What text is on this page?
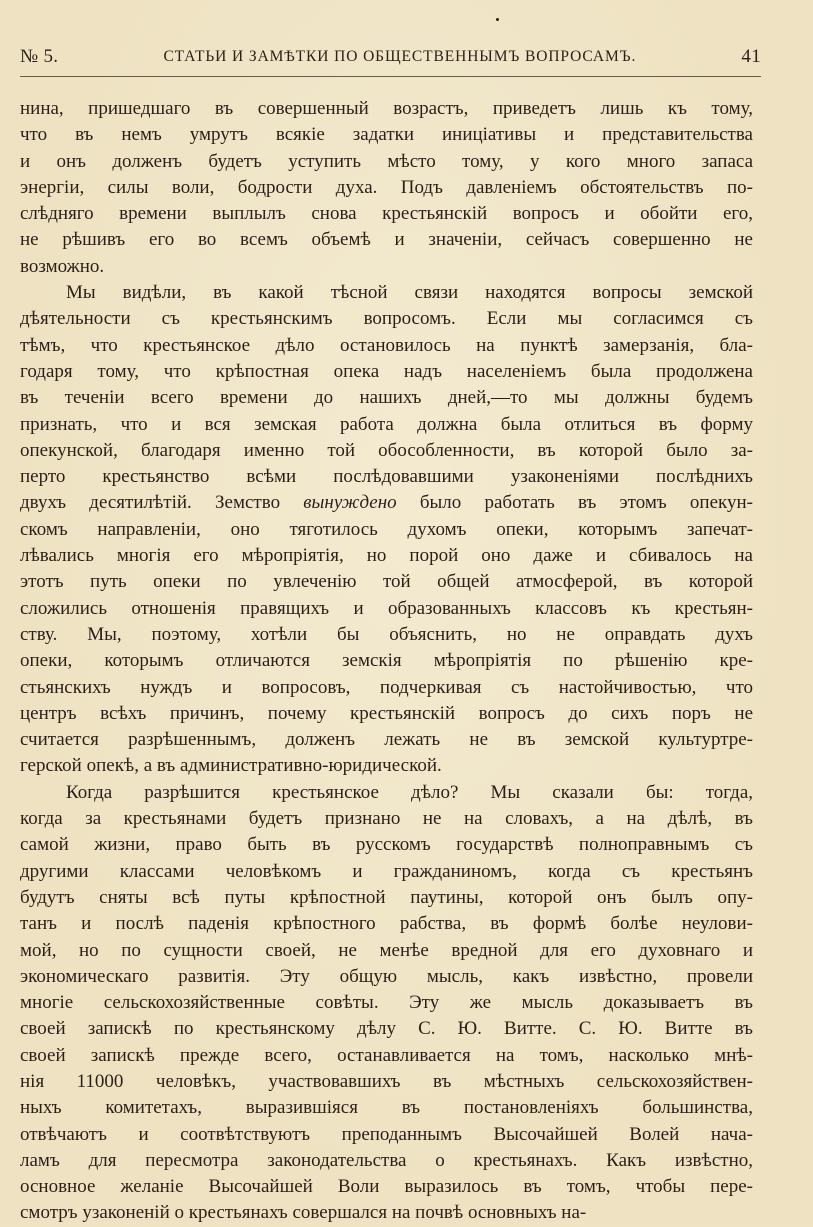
№ 5.	СТАТЬИ И ЗАМѢТКИ ПО ОБЩЕСТВЕННЫМЪ ВОПРОСАМЪ.	41
нина, пришедшаго въ совершенный возрастъ, приведетъ лишь къ тому,
что въ немъ умрутъ всякіе задатки иниціативы и представительства
и онъ долженъ будетъ уступить мѣсто тому, у кого много запаса
энергіи, силы воли, бодрости духа. Подъ давленіемъ обстоятельствъ по-
слѣдняго времени выплылъ снова крестьянскій вопросъ и обойти его,
не рѣшивъ его во всемъ объемѣ и значеніи, сейчасъ совершенно не
возможно.
Мы видѣли, въ какой тѣсной связи находятся вопросы земской
дѣятельности съ крестьянскимъ вопросомъ. Если мы согласимся съ
тѣмъ, что крестьянское дѣло остановилось на пунктѣ замерзанія, бла-
годаря тому, что крѣпостная опека надъ населеніемъ была продолжена
въ теченіи всего времени до нашихъ дней,—то мы должны будемъ
признать, что и вся земская работа должна была отлиться въ форму
опекунской, благодаря именно той обособленности, въ которой было за-
перто крестьянство всѣми послѣдовавшими узаконеніями послѣднихъ
двухъ десятилѣтій. Земство вынуждено было работать въ этомъ опекун-
скомъ направленіи, оно тяготилось духомъ опеки, которымъ запечат-
лѣвались многія его мѣропріятія, но порой оно даже и сбивалось на
этотъ путь опеки по увлеченію той общей атмосферой, въ которой
сложились отношенія правящихъ и образованныхъ классовъ къ крестьян-
ству. Мы, поэтому, хотѣли бы объяснить, но не оправдать духъ
опеки, которымъ отличаются земскія мѣропріятія по рѣшенію кре-
стьянскихъ нуждъ и вопросовъ, подчеркивая съ настойчивостью, что
центръ всѣхъ причинъ, почему крестьянскій вопросъ до сихъ поръ не
считается разрѣшеннымъ, долженъ лежать не въ земской культуртре-
герской опекѣ, а въ административно-юридической.
Когда разрѣшится крестьянское дѣло? Мы сказали бы: тогда,
когда за крестьянами будетъ признано не на словахъ, а на дѣлѣ, въ
самой жизни, право быть въ русскомъ государствѣ полноправнымъ съ
другими классами человѣкомъ и гражданиномъ, когда съ крестьянъ
будутъ сняты всѣ путы крѣпостной паутины, которой онъ былъ опу-
танъ и послѣ паденія крѣпостного рабства, въ формѣ болѣе неулови-
мой, но по сущности своей, не менѣе вредной для его духовнаго и
экономическаго развитія. Эту общую мысль, какъ извѣстно, провели
многіе сельскохозяйственные совѣты. Эту же мысль доказываетъ въ
своей запискѣ по крестьянскому дѣлу С. Ю. Витте. С. Ю. Витте въ
своей запискѣ прежде всего, останавливается на томъ, насколько мнѣ-
нія 11000 человѣкъ, участвовавшихъ въ мѣстныхъ сельскохозяйствен-
ныхъ комитетахъ, выразившіяся въ постановленіяхъ большинства,
отвѣчаютъ и соотвѣтствуютъ преподаннымъ Высочайшей Волей нача-
ламъ для пересмотра законодательства о крестьянахъ. Какъ извѣстно,
основное желаніе Высочайшей Воли выразилось въ томъ, чтобы пере-
смотръ узаконеній о крестьянахъ совершался на почвѣ основныхъ на-
